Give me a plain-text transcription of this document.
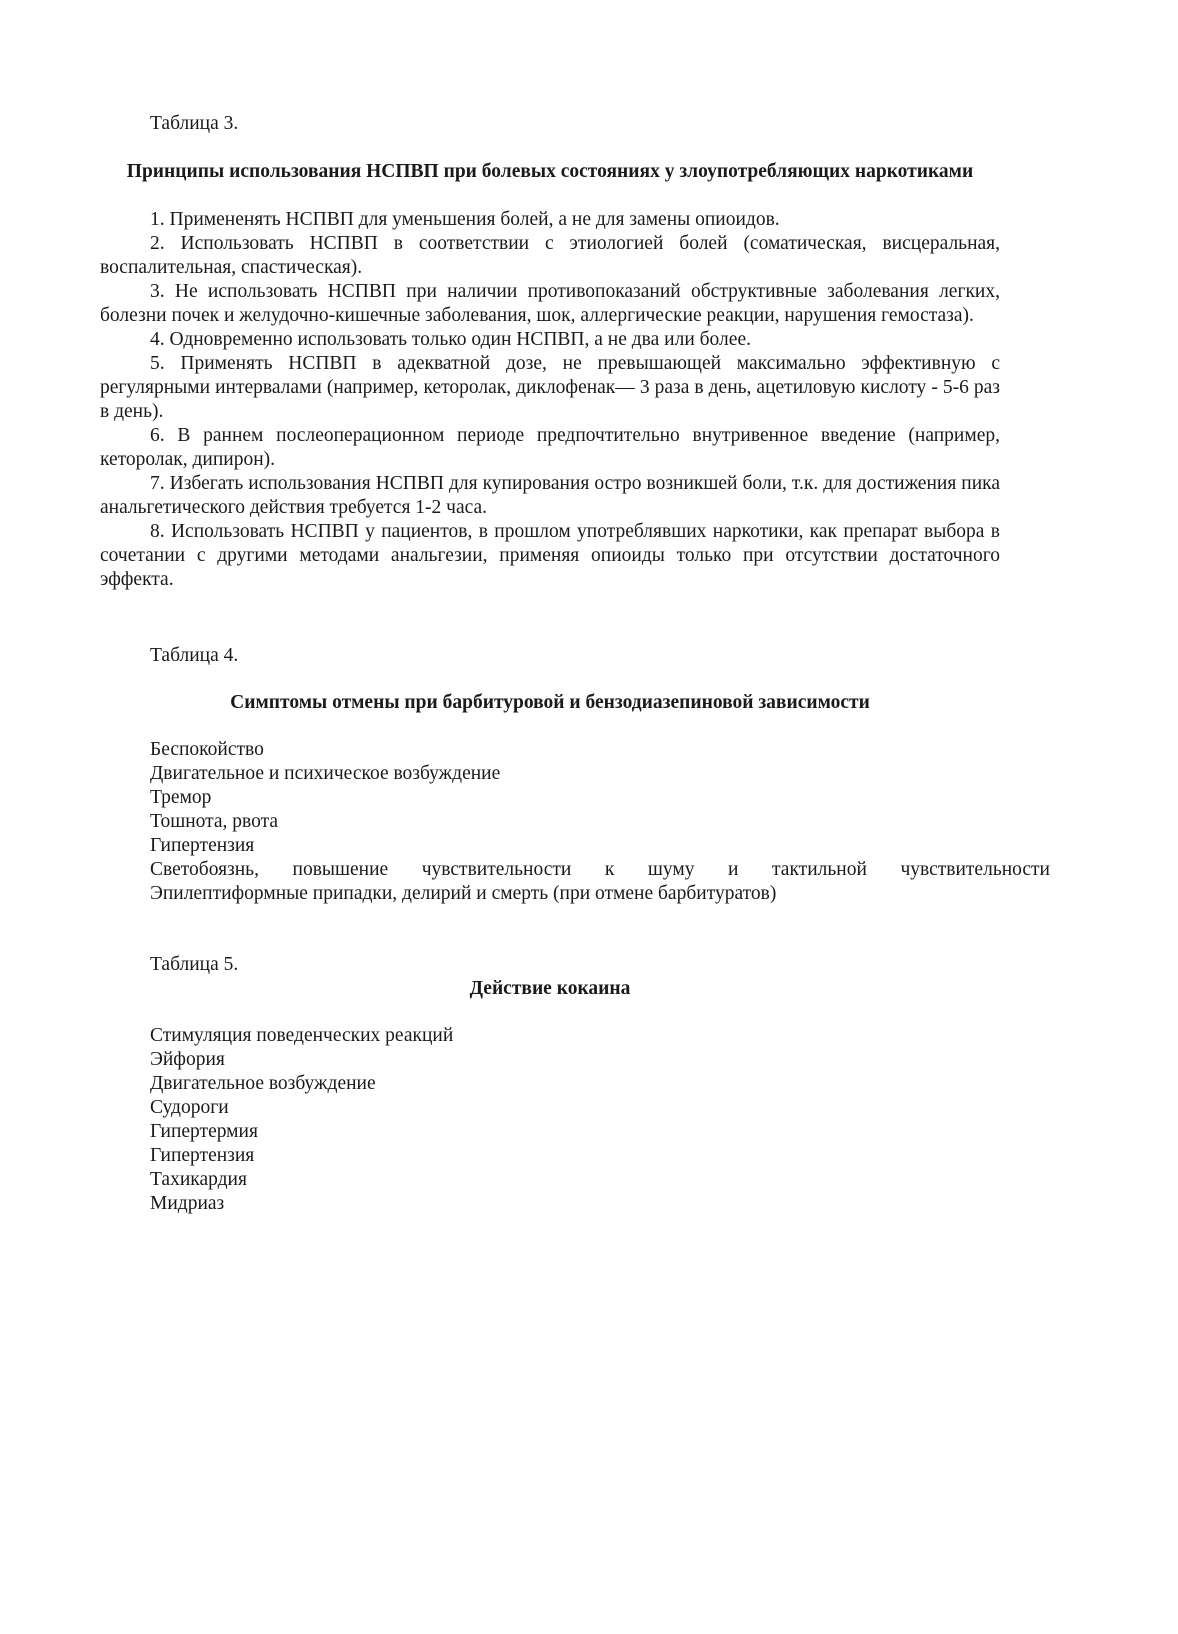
Таблица 3.
Принципы использования НСПВП при болевых состояниях у злоупотребляющих наркотиками
1. Примененять НСПВП для уменьшения болей, а не для замены опиоидов.
2. Использовать НСПВП в соответствии с этиологией болей (соматическая, висцеральная, воспалительная, спастическая).
3. Не использовать НСПВП при наличии противопоказаний обструктивные заболевания легких, болезни почек и желудочно-кишечные заболевания, шок, аллергические реакции, нарушения гемостаза).
4. Одновременно использовать только один НСПВП, а не два или более.
5. Применять НСПВП в адекватной дозе, не превышающей максимально эффективную с регулярными интервалами (например, кеторолак, диклофенак— 3 раза в день, ацетиловую кислоту - 5-6 раз в день).
6. В раннем послеоперационном периоде предпочтительно внутривенное введение (например, кеторолак, дипирон).
7. Избегать использования НСПВП для купирования остро возникшей боли, т.к. для достижения пика анальгетического действия требуется 1-2 часа.
8. Использовать НСПВП у пациентов, в прошлом употреблявших наркотики, как препарат выбора в сочетании с другими методами анальгезии, применяя опиоиды только при отсутствии достаточного эффекта.
Таблица 4.
Симптомы отмены при барбитуровой и бензодиазепиновой зависимости
Беспокойство
Двигательное и психическое возбуждение
Тремор
Тошнота, рвота
Гипертензия
Светобоязнь, повышение чувствительности к шуму и тактильной чувствительности
Эпилептиформные припадки, делирий и смерть (при отмене барбитуратов)
Таблица 5.
Действие кокаина
Стимуляция поведенческих реакций
Эйфория
Двигательное возбуждение
Судороги
Гипертермия
Гипертензия
Тахикардия
Мидриаз
